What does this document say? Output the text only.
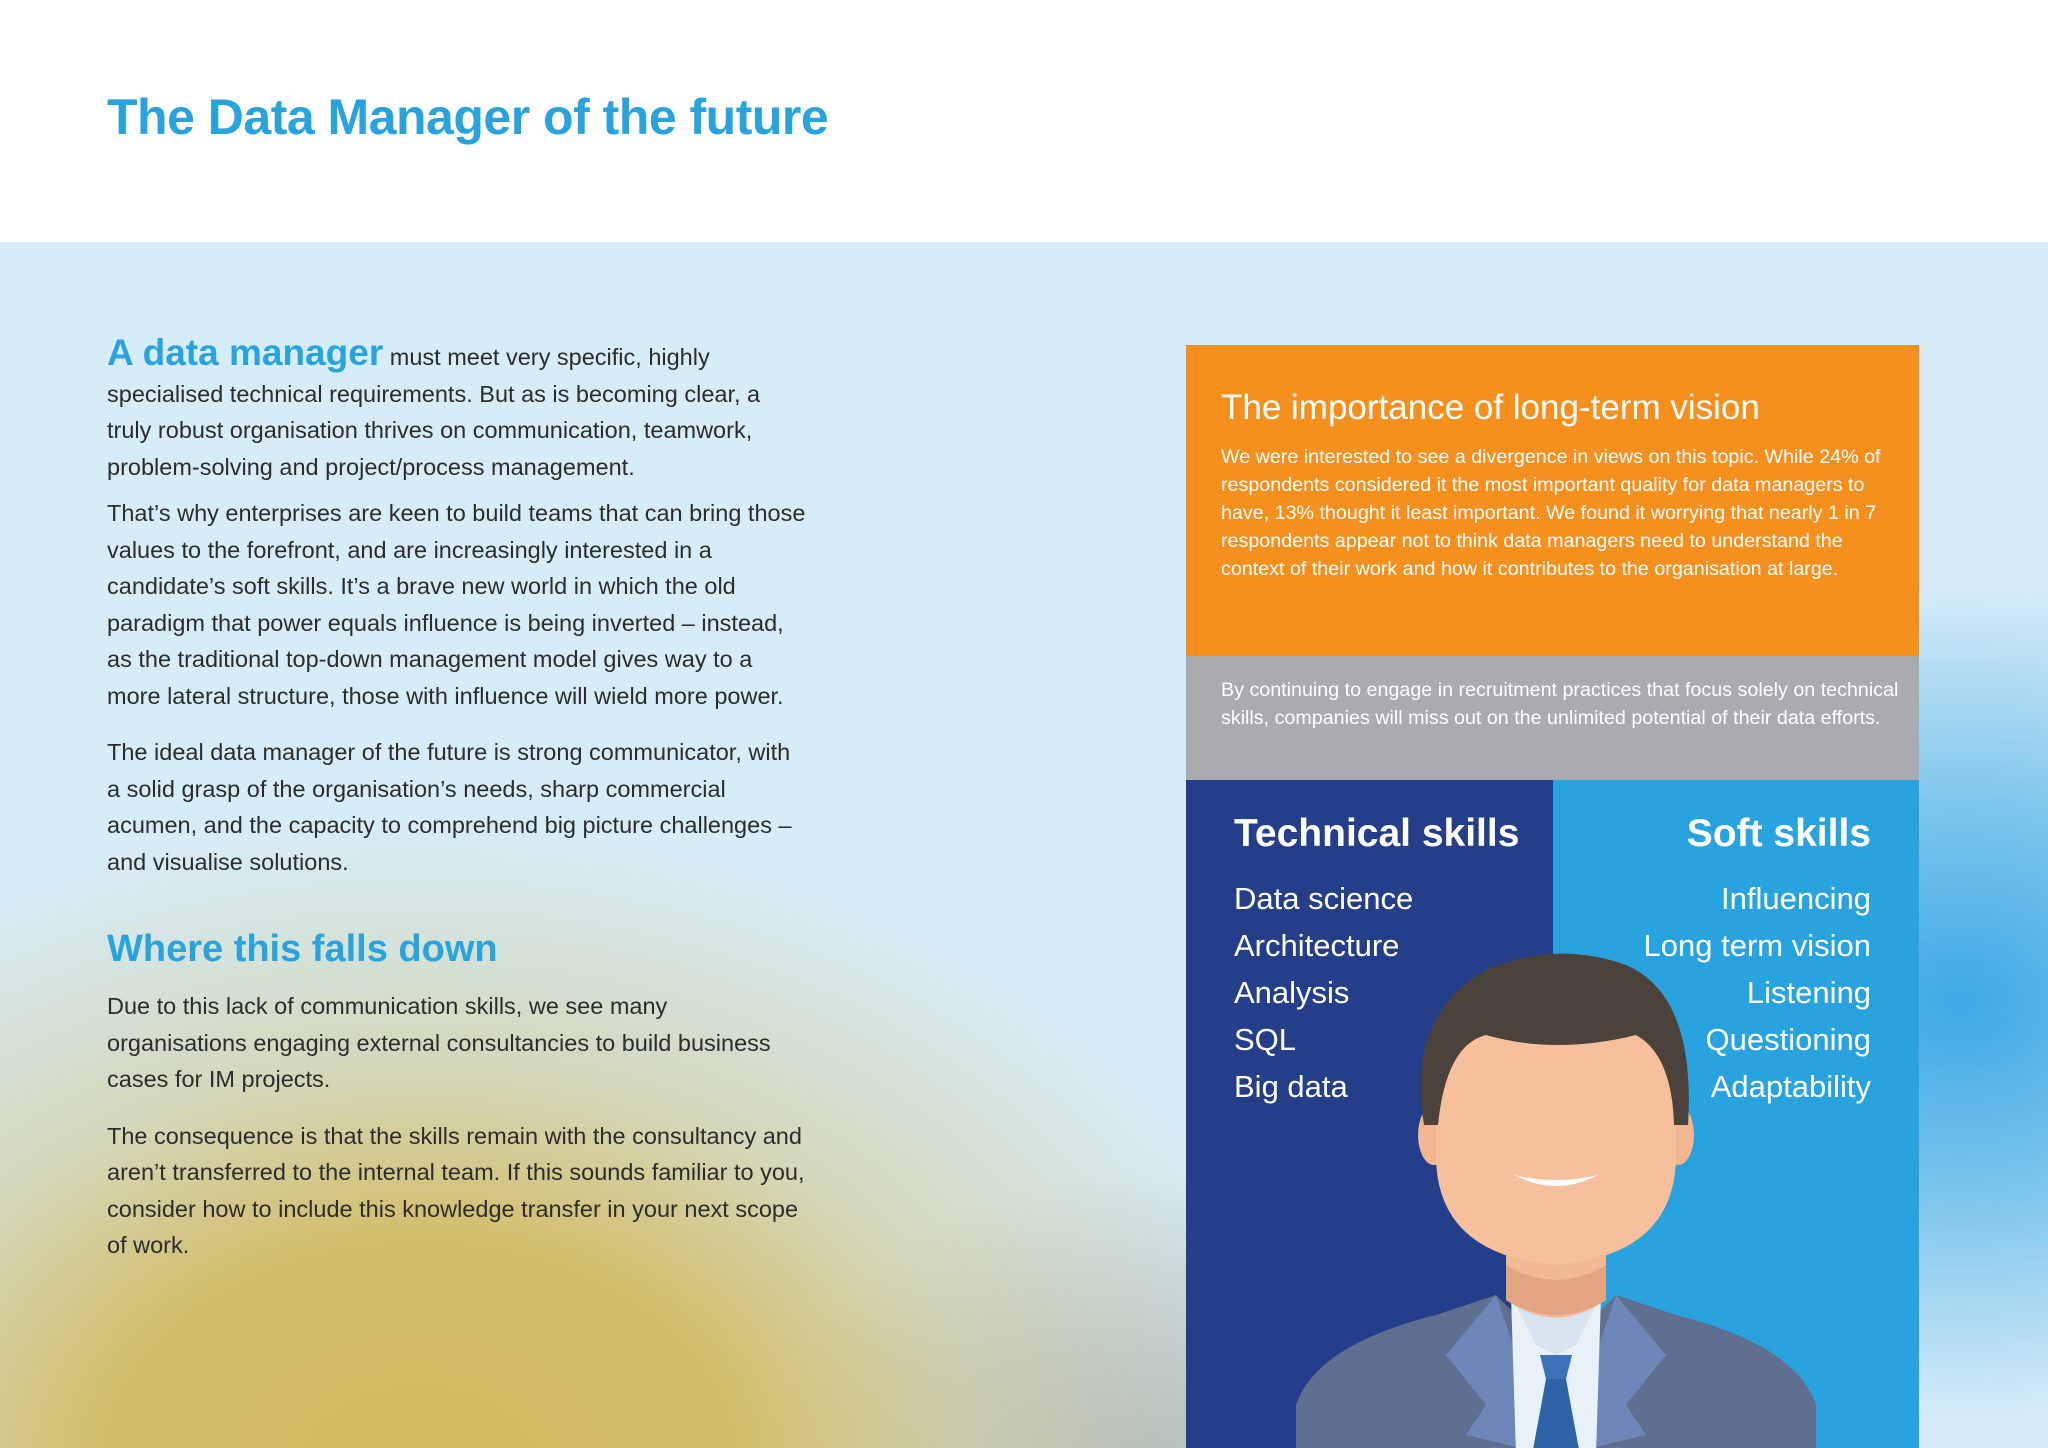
The Data Manager of the future

A data manager must meet very specific, highly specialised technical requirements. But as is becoming clear, a truly robust organisation thrives on communication, teamwork, problem-solving and project/process management.

That’s why enterprises are keen to build teams that can bring those values to the forefront, and are increasingly interested in a candidate’s soft skills. It’s a brave new world in which the old paradigm that power equals influence is being inverted – instead, as the traditional top-down management model gives way to a more lateral structure, those with influence will wield more power.

The ideal data manager of the future is strong communicator, with a solid grasp of the organisation’s needs, sharp commercial acumen, and the capacity to comprehend big picture challenges – and visualise solutions.

Where this falls down

Due to this lack of communication skills, we see many organisations engaging external consultancies to build business cases for IM projects.

The consequence is that the skills remain with the consultancy and aren’t transferred to the internal team. If this sounds familiar to you, consider how to include this knowledge transfer in your next scope of work.

The importance of long-term vision
We were interested to see a divergence in views on this topic. While 24% of respondents considered it the most important quality for data managers to have, 13% thought it least important. We found it worrying that nearly 1 in 7 respondents appear not to think data managers need to understand the context of their work and how it contributes to the organisation at large.
By continuing to engage in recruitment practices that focus solely on technical skills, companies will miss out on the unlimited potential of their data efforts.
Technical skills
Data science
Architecture
Analysis
SQL
Big data
Soft skills
Influencing
Long term vision
Listening
Questioning
Adaptability
